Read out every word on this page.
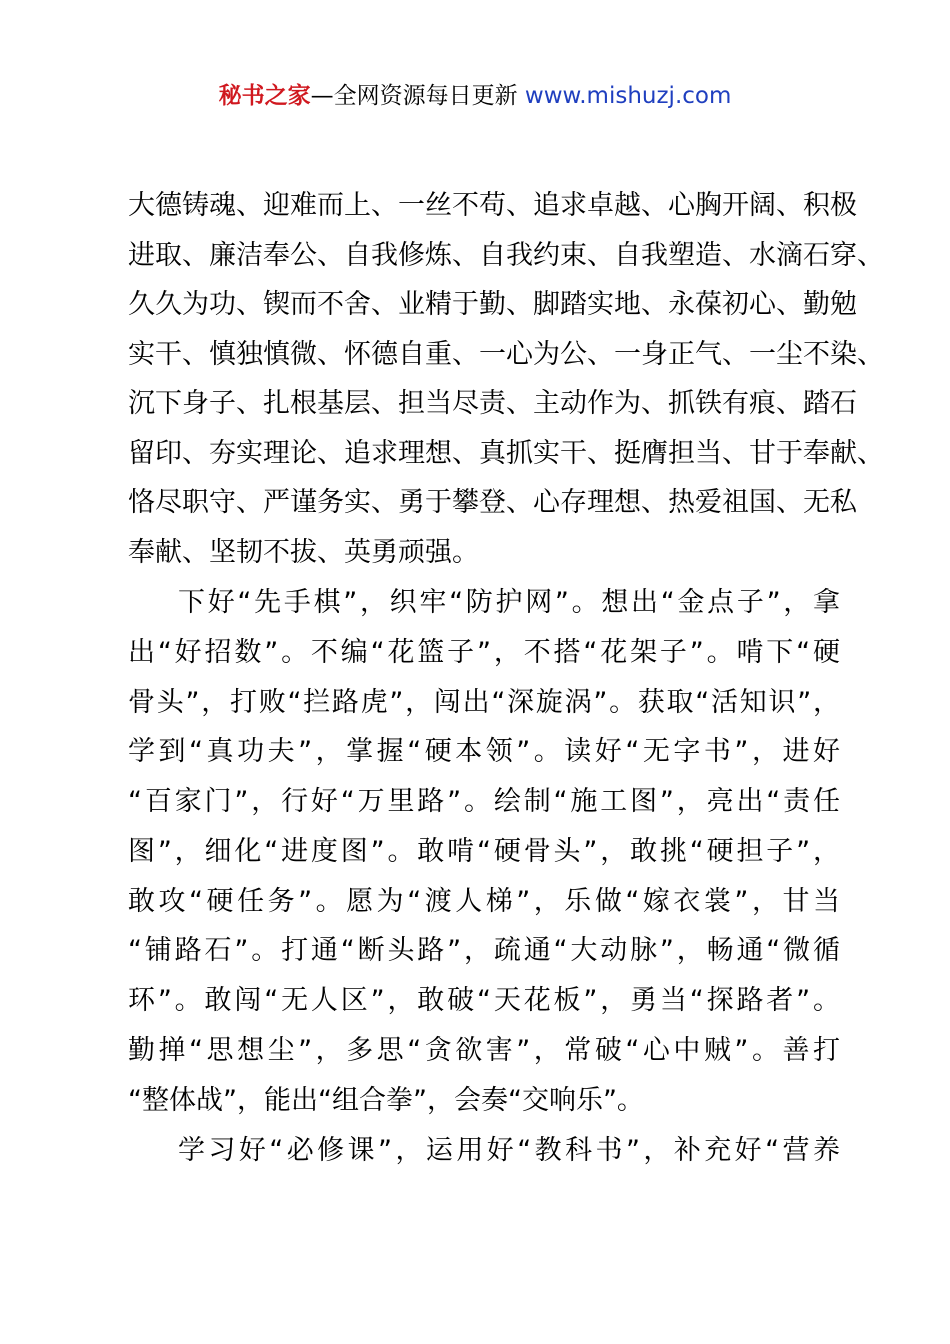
秘书之家—全网资源每日更新 www.mishuzj.com
大德铸魂、迎难而上、一丝不苟、追求卓越、心胸开阔、积极
进取、廉洁奉公、自我修炼、自我约束、自我塑造、水滴石穿、
久久为功、锲而不舍、业精于勤、脚踏实地、永葆初心、勤勉
实干、慎独慎微、怀德自重、一心为公、一身正气、一尘不染、
沉下身子、扎根基层、担当尽责、主动作为、抓铁有痕、踏石
留印、夯实理论、追求理想、真抓实干、挺膺担当、甘于奉献、
恪尽职守、严谨务实、勇于攀登、心存理想、热爱祖国、无私
奉献、坚韧不拔、英勇顽强。
下好“先手棋”，织牢“防护网”。想出“金点子”，拿
出“好招数”。不编“花篮子”，不搭“花架子”。啃下“硬
骨头”，打败“拦路虎”，闯出“深旋涡”。获取“活知识”，
学到“真功夫”，掌握“硬本领”。读好“无字书”，进好
“百家门”，行好“万里路”。绘制“施工图”，亮出“责任
图”，细化“进度图”。敢啃“硬骨头”，敢挑“硬担子”，
敢攻“硬任务”。愿为“渡人梯”，乐做“嫁衣裳”，甘当
“铺路石”。打通“断头路”，疏通“大动脉”，畅通“微循
环”。敢闯“无人区”，敢破“天花板”，勇当“探路者”。
勤掸“思想尘”，多思“贪欲害”，常破“心中贼”。善打
“整体战”，能出“组合拳”，会奏“交响乐”。
学习好“必修课”，运用好“教科书”，补充好“营养
